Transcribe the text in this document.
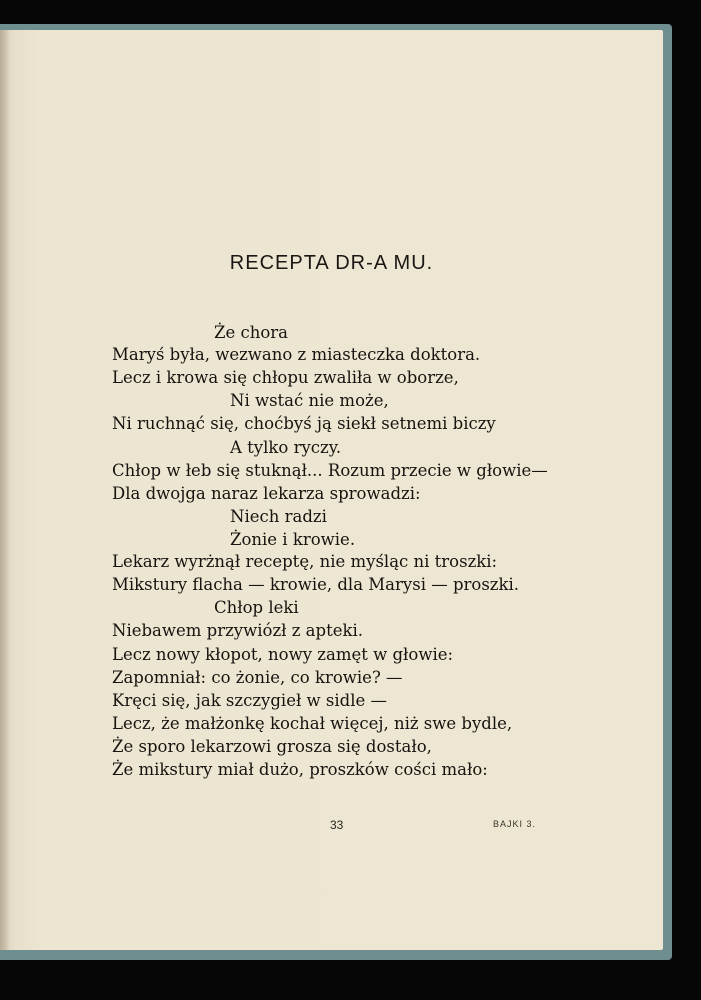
RECEPTA DR-A MU.
Że chora
Maryś była, wezwano z miasteczka doktora.
Lecz i krowa się chłopu zwaliła w oborze,
Ni wstać nie może,
Ni ruchnąć się, choćbyś ją siekł setnemi biczy
A tylko ryczy.
Chłop w łeb się stuknął... Rozum przecie w głowie—
Dla dwojga naraz lekarza sprowadzi:
Niech radzi
Żonie i krowie.
Lekarz wyrżnął receptę, nie myśląc ni troszki:
Mikstury flacha — krowie, dla Marysi — proszki.
Chłop leki
Niebawem przywiózł z apteki.
Lecz nowy kłopot, nowy zamęt w głowie:
Zapomniał: co żonie, co krowie? —
Kręci się, jak szczygieł w sidle —
Lecz, że małżonkę kochał więcej, niż swe bydle,
Że sporo lekarzowi grosza się dostało,
Że mikstury miał dużo, proszków cości mało:
33	BAJKI 3.
